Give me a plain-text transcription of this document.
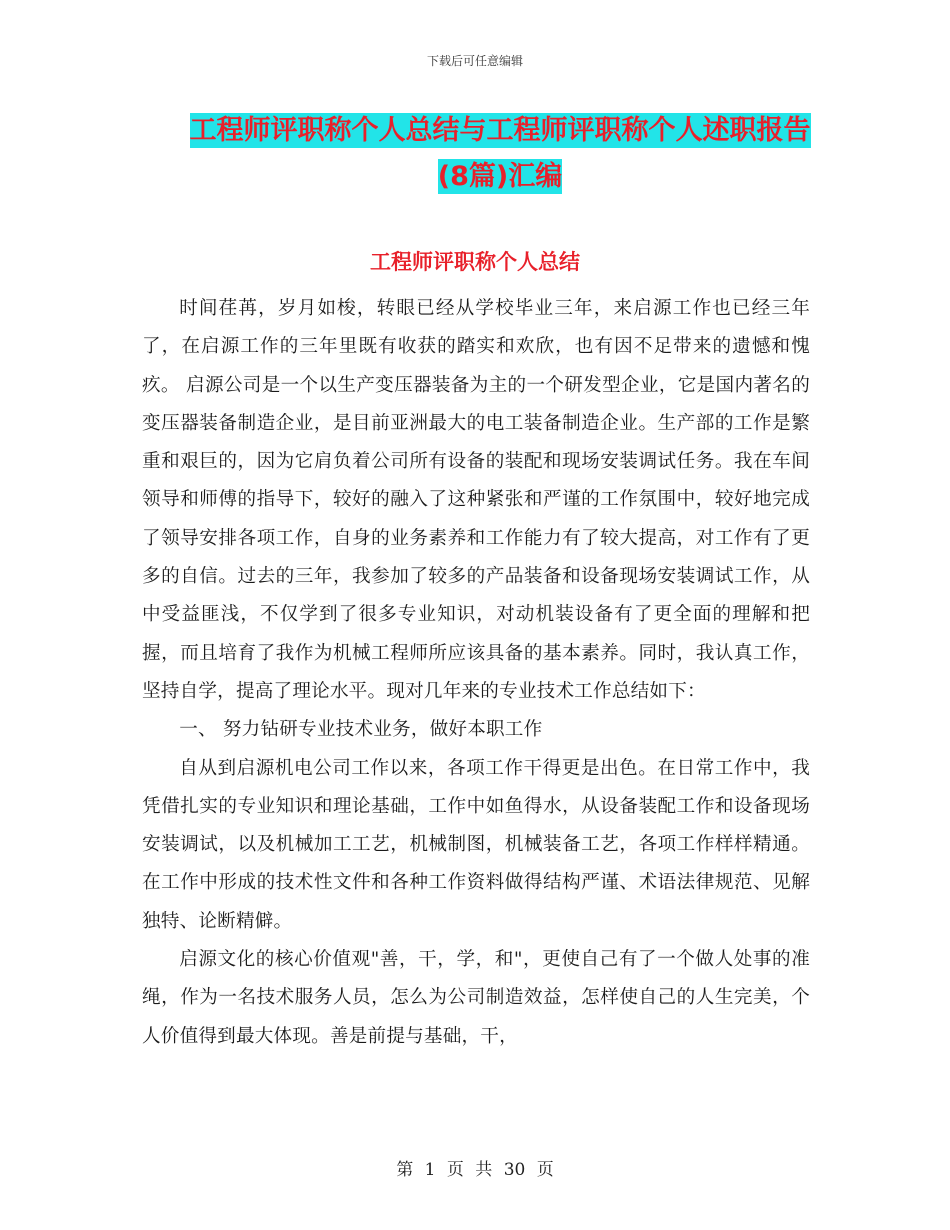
下载后可任意编辑
工程师评职称个人总结与工程师评职称个人述职报告
(8篇)汇编
工程师评职称个人总结

时间荏苒，岁月如梭，转眼已经从学校毕业三年，来启源工作也已经三年了，在启源工作的三年里既有收获的踏实和欢欣，也有因不足带来的遗憾和愧疚。 启源公司是一个以生产变压器装备为主的一个研发型企业，它是国内著名的变压器装备制造企业，是目前亚洲最大的电工装备制造企业。生产部的工作是繁重和艰巨的，因为它肩负着公司所有设备的装配和现场安装调试任务。我在车间领导和师傅的指导下，较好的融入了这种紧张和严谨的工作氛围中，较好地完成了领导安排各项工作，自身的业务素养和工作能力有了较大提高，对工作有了更多的自信。过去的三年，我参加了较多的产品装备和设备现场安装调试工作，从中受益匪浅，不仅学到了很多专业知识，对动机装设备有了更全面的理解和把握，而且培育了我作为机械工程师所应该具备的基本素养。同时，我认真工作，坚持自学，提高了理论水平。现对几年来的专业技术工作总结如下：

一、 努力钻研专业技术业务，做好本职工作

自从到启源机电公司工作以来，各项工作干得更是出色。在日常工作中，我凭借扎实的专业知识和理论基础，工作中如鱼得水，从设备装配工作和设备现场安装调试，以及机械加工工艺，机械制图，机械装备工艺，各项工作样样精通。在工作中形成的技术性文件和各种工作资料做得结构严谨、术语法律规范、见解独特、论断精僻。

启源文化的核心价值观"善，干，学，和"，更使自己有了一个做人处事的准绳，作为一名技术服务人员，怎么为公司制造效益，怎样使自己的人生完美，个人价值得到最大体现。善是前提与基础，干，

第 1 页 共 30 页
